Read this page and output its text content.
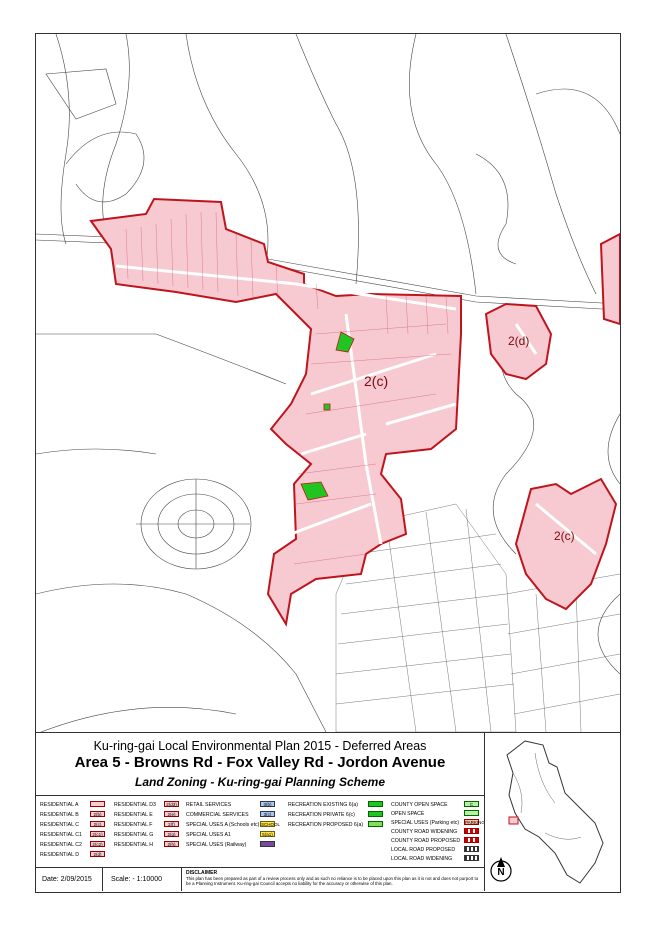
2(c)
2(d)
2(c)
Ku-ring-gai Local Environmental Plan 2015 - Deferred Areas
Area 5 - Browns Rd - Fox Valley Rd - Jordon Avenue
Land Zoning - Ku-ring-gai Planning Scheme
RESIDENTIAL A
RESIDENTIAL B	2(b)
RESIDENTIAL C	2(c)
RESIDENTIAL C1	2(c1)
RESIDENTIAL C2	2(c2)
RESIDENTIAL D	2(d)
RESIDENTIAL D3	2(d3)
RESIDENTIAL E	2(e)
RESIDENTIAL F	2(f)
RESIDENTIAL G	2(g)
RESIDENTIAL H	2(h)
RETAIL SERVICES	3(b)
COMMERCIAL SERVICES	3(c)
SPECIAL USES A (Schools etc) SCHOOL
SPECIAL USES A1	5(a1)
SPECIAL USES (Railway)
RECREATION EXISTING 6(a)
RECREATION PRIVATE 6(c)
RECREATION PROPOSED 6(a)
COUNTY OPEN SPACE	C
OPEN SPACE
SPECIAL USES (Parking etc) PARKING
COUNTY ROAD WIDENING
COUNTY ROAD PROPOSED
LOCAL ROAD PROPOSED
LOCAL ROAD WIDENING
Date: 2/09/2015	Scale: - 1:10000
DISCLAIMER
This plan has been prepared as part of a review process only and as such no reliance is to be placed upon this plan as it is not and does not purport to be a Planning Instrument. Ku-ring-gai Council accepts no liability for the accuracy or otherwise of this plan.
N
